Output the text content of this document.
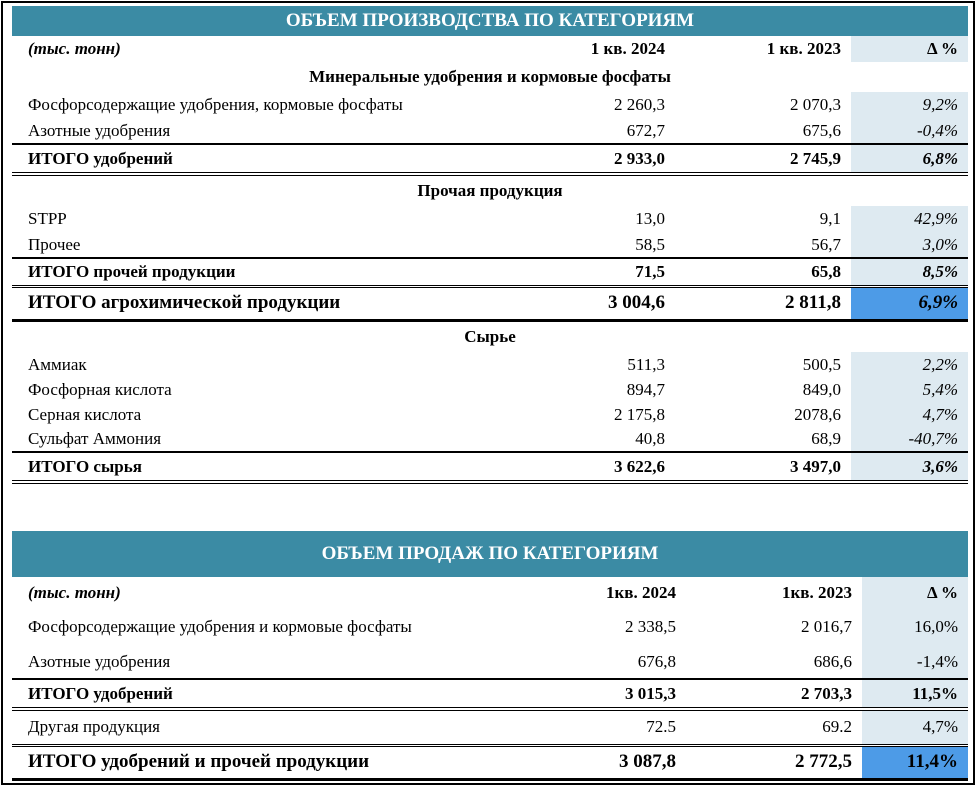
ОБЪЕМ ПРОИЗВОДСТВА ПО КАТЕГОРИЯМ			
(тыс. тонн)	1 кв. 2024	1 кв. 2023	Δ %
Минеральные удобрения и кормовые фосфаты			
Фосфорсодержащие удобрения, кормовые фосфаты	2 260,3	2 070,3	9,2%
Азотные удобрения	672,7	675,6	-0,4%
ИТОГО удобрений	2 933,0	2 745,9	6,8%
Прочая продукция			
STPP	13,0	9,1	42,9%
Прочее	58,5	56,7	3,0%
ИТОГО прочей продукции	71,5	65,8	8,5%
ИТОГО агрохимической продукции	3 004,6	2 811,8	6,9%
Сырье			
Аммиак	511,3	500,5	2,2%
Фосфорная кислота	894,7	849,0	5,4%
Серная кислота	2 175,8	2078,6	4,7%
Сульфат Аммония	40,8	68,9	-40,7%
ИТОГО сырья	3 622,6	3 497,0	3,6%
ОБЪЕМ ПРОДАЖ ПО КАТЕГОРИЯМ			
(тыс. тонн)	1кв. 2024	1кв. 2023	Δ %
Фосфорсодержащие удобрения и кормовые фосфаты	2 338,5	2 016,7	16,0%
Азотные удобрения	676,8	686,6	-1,4%
ИТОГО удобрений	3 015,3	2 703,3	11,5%
Другая продукция	72.5	69.2	4,7%
ИТОГО удобрений и прочей продукции	3 087,8	2 772,5	11,4%
